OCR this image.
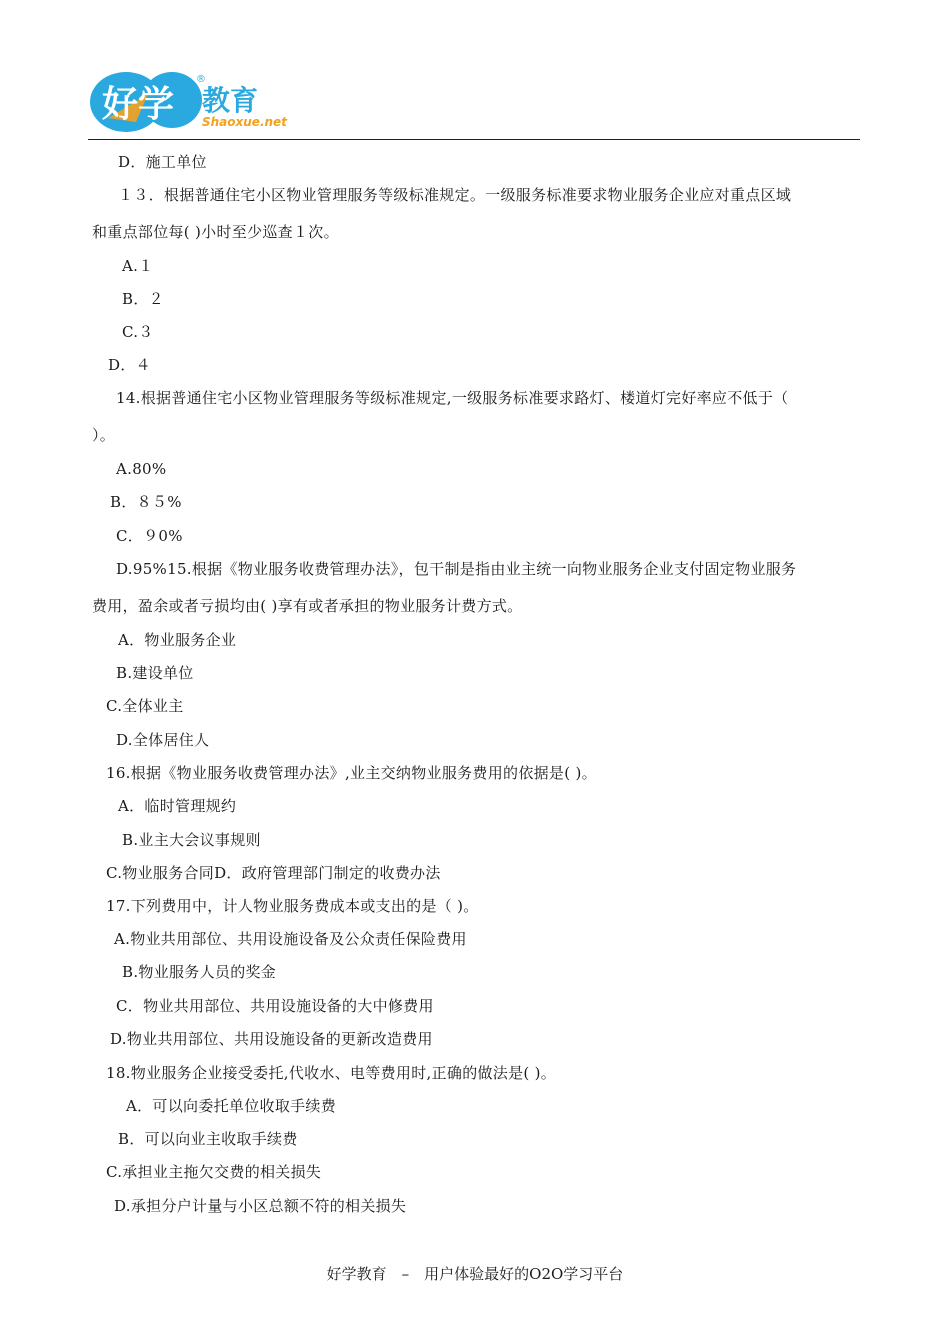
好学 教育
®
Shaoxue.net
D．施工单位
１３．根据普通住宅小区物业管理服务等级标准规定。一级服务标准要求物业服务企业应对重点区域
和重点部位每( )小时至少巡查１次。
A.１
B．２
C.３
D．４
14.根据普通住宅小区物业管理服务等级标准规定,一级服务标准要求路灯、楼道灯完好率应不低于（
）。
A.80%
B．８５%
C．９0%
D.95%15.根据《物业服务收费管理办法》，包干制是指由业主统一向物业服务企业支付固定物业服务
费用，盈余或者亏损均由( )享有或者承担的物业服务计费方式。
A．物业服务企业
B.建设单位
C.全体业主
D.全体居住人
16.根据《物业服务收费管理办法》,业主交纳物业服务费用的依据是( )。
A．临时管理规约
B.业主大会议事规则
C.物业服务合同D．政府管理部门制定的收费办法
17.下列费用中，计人物业服务费成本或支出的是（ )。
A.物业共用部位、共用设施设备及公众责任保险费用
B.物业服务人员的奖金
C．物业共用部位、共用设施设备的大中修费用
D.物业共用部位、共用设施设备的更新改造费用
18.物业服务企业接受委托,代收水、电等费用时,正确的做法是( )。
A．可以向委托单位收取手续费
B．可以向业主收取手续费
C.承担业主拖欠交费的相关损失
D.承担分户计量与小区总额不符的相关损失
好学教育　–　用户体验最好的O2O学习平台
